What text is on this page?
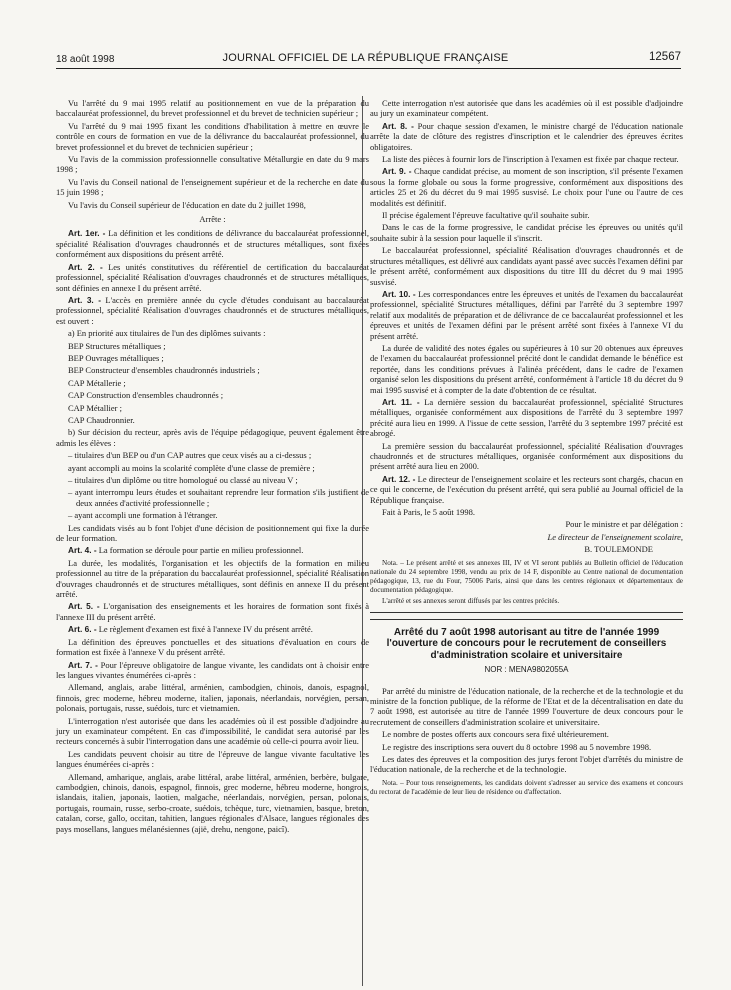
18 août 1998	JOURNAL OFFICIEL DE LA RÉPUBLIQUE FRANÇAISE	12567

Vu l'arrêté du 9 mai 1995 relatif au positionnement en vue de la préparation du baccalauréat professionnel, du brevet professionnel et du brevet de technicien supérieur ;

Vu l'arrêté du 9 mai 1995 fixant les conditions d'habilitation à mettre en œuvre le contrôle en cours de formation en vue de la délivrance du baccalauréat professionnel, du brevet professionnel et du brevet de technicien supérieur ;

Vu l'avis de la commission professionnelle consultative Métallurgie en date du 9 mars 1998 ;

Vu l'avis du Conseil national de l'enseignement supérieur et de la recherche en date du 15 juin 1998 ;

Vu l'avis du Conseil supérieur de l'éducation en date du 2 juillet 1998,

Arrête :

Art. 1er. - La définition et les conditions de délivrance du baccalauréat professionnel, spécialité Réalisation d'ouvrages chaudronnés et de structures métalliques, sont fixées conformément aux dispositions du présent arrêté.

Art. 2. - Les unités constitutives du référentiel de certification du baccalauréat professionnel, spécialité Réalisation d'ouvrages chaudronnés et de structures métalliques, sont définies en annexe I du présent arrêté.

Art. 3. - L'accès en première année du cycle d'études conduisant au baccalauréat professionnel, spécialité Réalisation d'ouvrages chaudronnés et de structures métalliques, est ouvert :

a) En priorité aux titulaires de l'un des diplômes suivants :

BEP Structures métalliques ;

BEP Ouvrages métalliques ;

BEP Constructeur d'ensembles chaudronnés industriels ;

CAP Métallerie ;

CAP Construction d'ensembles chaudronnés ;

CAP Métallier ;

CAP Chaudronnier.

b) Sur décision du recteur, après avis de l'équipe pédagogique, peuvent également être admis les élèves :

– titulaires d'un BEP ou d'un CAP autres que ceux visés au a ci-dessus ;

ayant accompli au moins la scolarité complète d'une classe de première ;

– titulaires d'un diplôme ou titre homologué ou classé au niveau V ;

– ayant interrompu leurs études et souhaitant reprendre leur formation s'ils justifient de deux années d'activité professionnelle ;

– ayant accompli une formation à l'étranger.

Les candidats visés au b font l'objet d'une décision de positionnement qui fixe la durée de leur formation.

Art. 4. - La formation se déroule pour partie en milieu professionnel.

La durée, les modalités, l'organisation et les objectifs de la formation en milieu professionnel au titre de la préparation du baccalauréat professionnel, spécialité Réalisation d'ouvrages chaudronnés et de structures métalliques, sont définis en annexe II du présent arrêté.

Art. 5. - L'organisation des enseignements et les horaires de formation sont fixés à l'annexe III du présent arrêté.

Art. 6. - Le règlement d'examen est fixé à l'annexe IV du présent arrêté.

La définition des épreuves ponctuelles et des situations d'évaluation en cours de formation est fixée à l'annexe V du présent arrêté.

Art. 7. - Pour l'épreuve obligatoire de langue vivante, les candidats ont à choisir entre les langues vivantes énumérées ci-après :

Allemand, anglais, arabe littéral, arménien, cambodgien, chinois, danois, espagnol, finnois, grec moderne, hébreu moderne, italien, japonais, néerlandais, norvégien, persan, polonais, portugais, russe, suédois, turc et vietnamien.

L'interrogation n'est autorisée que dans les académies où il est possible d'adjoindre au jury un examinateur compétent. En cas d'impossibilité, le candidat sera autorisé par les recteurs concernés à subir l'interrogation dans une académie où celle-ci pourra avoir lieu.

Les candidats peuvent choisir au titre de l'épreuve de langue vivante facultative les langues énumérées ci-après :

Allemand, amharique, anglais, arabe littéral, arabe littéral, arménien, berbère, bulgare, cambodgien, chinois, danois, espagnol, finnois, grec moderne, hébreu moderne, hongrois, islandais, italien, japonais, laotien, malgache, néerlandais, norvégien, persan, polonais, portugais, roumain, russe, serbo-croate, suédois, tchèque, turc, vietnamien, basque, breton, catalan, corse, gallo, occitan, tahitien, langues régionales d'Alsace, langues régionales des pays mosellans, langues mélanésiennes (ajië, drehu, nengone, paicî).

Cette interrogation n'est autorisée que dans les académies où il est possible d'adjoindre au jury un examinateur compétent.

Art. 8. - Pour chaque session d'examen, le ministre chargé de l'éducation nationale arrête la date de clôture des registres d'inscription et le calendrier des épreuves écrites obligatoires.

La liste des pièces à fournir lors de l'inscription à l'examen est fixée par chaque recteur.

Art. 9. - Chaque candidat précise, au moment de son inscription, s'il présente l'examen sous la forme globale ou sous la forme progressive, conformément aux dispositions des articles 25 et 26 du décret du 9 mai 1995 susvisé. Le choix pour l'une ou l'autre de ces modalités est définitif.

Il précise également l'épreuve facultative qu'il souhaite subir.

Dans le cas de la forme progressive, le candidat précise les épreuves ou unités qu'il souhaite subir à la session pour laquelle il s'inscrit.

Le baccalauréat professionnel, spécialité Réalisation d'ouvrages chaudronnés et de structures métalliques, est délivré aux candidats ayant passé avec succès l'examen défini par le présent arrêté, conformément aux dispositions du titre III du décret du 9 mai 1995 susvisé.

Art. 10. - Les correspondances entre les épreuves et unités de l'examen du baccalauréat professionnel, spécialité Structures métalliques, défini par l'arrêté du 3 septembre 1997 relatif aux modalités de préparation et de délivrance de ce baccalauréat professionnel et les épreuves et unités de l'examen défini par le présent arrêté sont fixées à l'annexe VI du présent arrêté.

La durée de validité des notes égales ou supérieures à 10 sur 20 obtenues aux épreuves de l'examen du baccalauréat professionnel précité dont le candidat demande le bénéfice est reportée, dans les conditions prévues à l'alinéa précédent, dans le cadre de l'examen organisé selon les dispositions du présent arrêté, conformément à l'article 18 du décret du 9 mai 1995 susvisé et à compter de la date d'obtention de ce résultat.

Art. 11. - La dernière session du baccalauréat professionnel, spécialité Structures métalliques, organisée conformément aux dispositions de l'arrêté du 3 septembre 1997 précité aura lieu en 1999. A l'issue de cette session, l'arrêté du 3 septembre 1997 précité est abrogé.

La première session du baccalauréat professionnel, spécialité Réalisation d'ouvrages chaudronnés et de structures métalliques, organisée conformément aux dispositions du présent arrêté aura lieu en 2000.

Art. 12. - Le directeur de l'enseignement scolaire et les recteurs sont chargés, chacun en ce qui le concerne, de l'exécution du présent arrêté, qui sera publié au Journal officiel de la République française.

Fait à Paris, le 5 août 1998.

Pour le ministre et par délégation :

Le directeur de l'enseignement scolaire,

B. TOULEMONDE

Nota. – Le présent arrêté et ses annexes III, IV et VI seront publiés au Bulletin officiel de l'éducation nationale du 24 septembre 1998, vendu au prix de 14 F, disponible au Centre national de documentation pédagogique, 13, rue du Four, 75006 Paris, ainsi que dans les centres régionaux et départementaux de documentation pédagogique.

L'arrêté et ses annexes seront diffusés par les centres précités.

Arrêté du 7 août 1998 autorisant au titre de l'année 1999 l'ouverture de concours pour le recrutement de conseillers d'administration scolaire et universitaire

NOR : MENA9802055A

Par arrêté du ministre de l'éducation nationale, de la recherche et de la technologie et du ministre de la fonction publique, de la réforme de l'Etat et de la décentralisation en date du 7 août 1998, est autorisée au titre de l'année 1999 l'ouverture de deux concours pour le recrutement de conseillers d'administration scolaire et universitaire.

Le nombre de postes offerts aux concours sera fixé ultérieurement.

Le registre des inscriptions sera ouvert du 8 octobre 1998 au 5 novembre 1998.

Les dates des épreuves et la composition des jurys feront l'objet d'arrêtés du ministre de l'éducation nationale, de la recherche et de la technologie.

Nota. – Pour tous renseignements, les candidats doivent s'adresser au service des examens et concours du rectorat de l'académie de leur lieu de résidence ou d'affectation.
